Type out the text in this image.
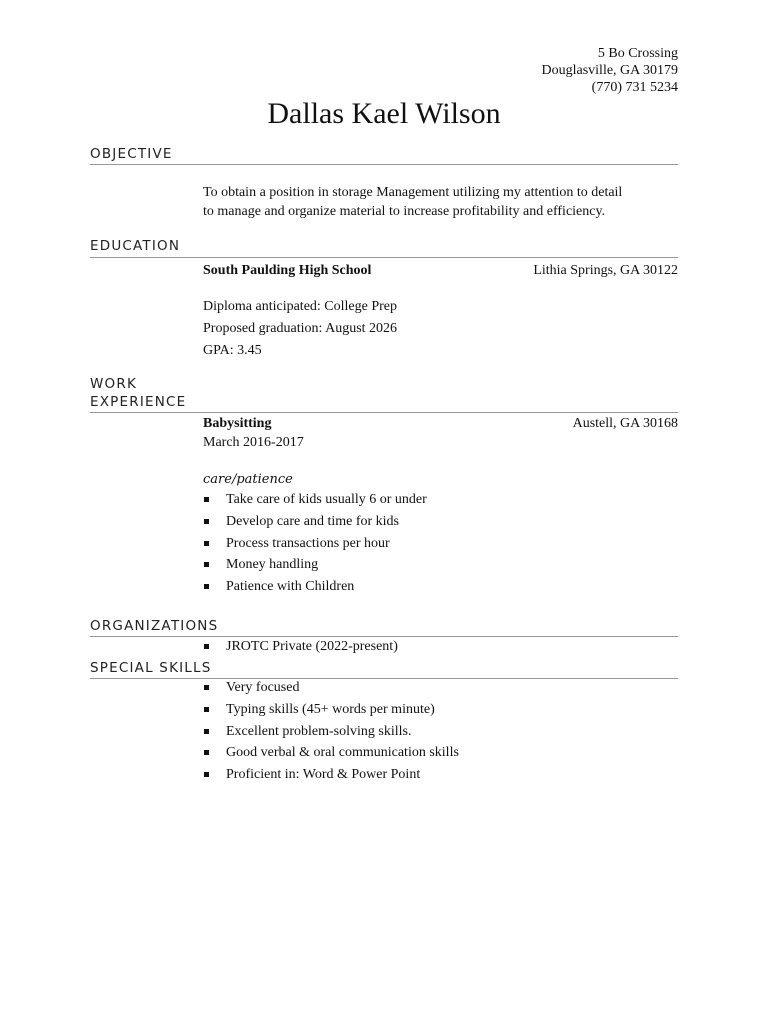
5 Bo Crossing
Douglasville, GA 30179
(770) 731 5234
Dallas Kael Wilson
OBJECTIVE
To obtain a position in storage Management utilizing my attention to detail
to manage and organize material to increase profitability and efficiency.
EDUCATION
South Paulding High School	Lithia Springs, GA 30122
Diploma anticipated: College Prep
Proposed graduation: August 2026
GPA: 3.45
WORK
EXPERIENCE
Babysitting	Austell, GA 30168
March 2016-2017
care/patience
Take care of kids usually 6 or under
Develop care and time for kids
Process transactions per hour
Money handling
Patience with Children
ORGANIZATIONS
JROTC Private (2022-present)
SPECIAL SKILLS
Very focused
Typing skills (45+ words per minute)
Excellent problem-solving skills.
Good verbal & oral communication skills
Proficient in: Word & Power Point
